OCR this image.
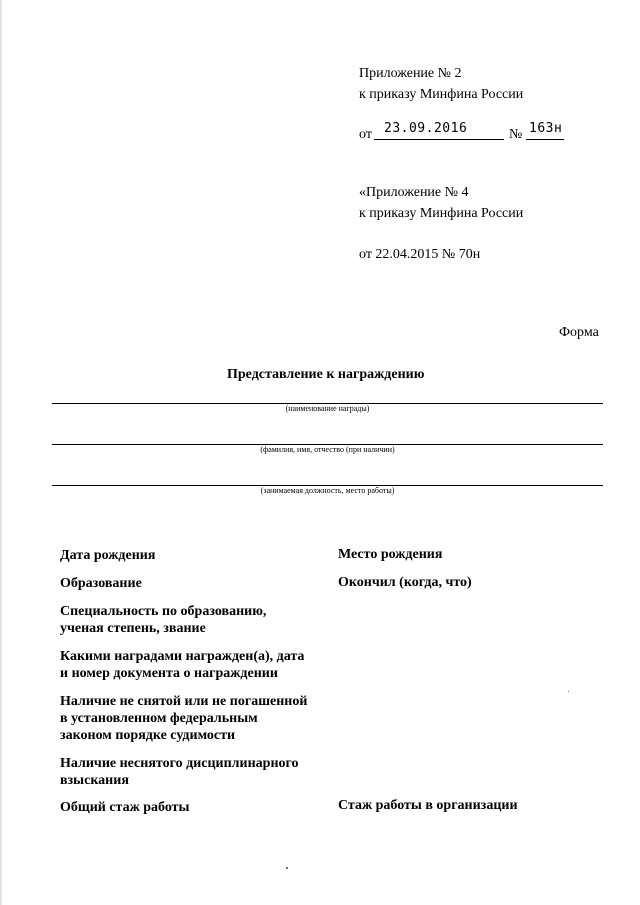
Приложение № 2
к приказу Минфина России
от 23.09.2016	№ 163н
«Приложение № 4
к приказу Минфина России
от 22.04.2015 № 70н
Форма
Представление к награждению
(наименование награды)
(фамилия, имя, отчество (при наличии)
(занимаемая должность, место работы)
Дата рождения	Место рождения
Образование	Окончил (когда, что)
Специальность по образованию,
ученая степень, звание
Какими наградами награжден(а), дата
и номер документа о награждении
Наличие не снятой или не погашенной
в установленном федеральным
законом порядке судимости
Наличие неснятого дисциплинарного
взыскания
Общий стаж работы	Стаж работы в организации
